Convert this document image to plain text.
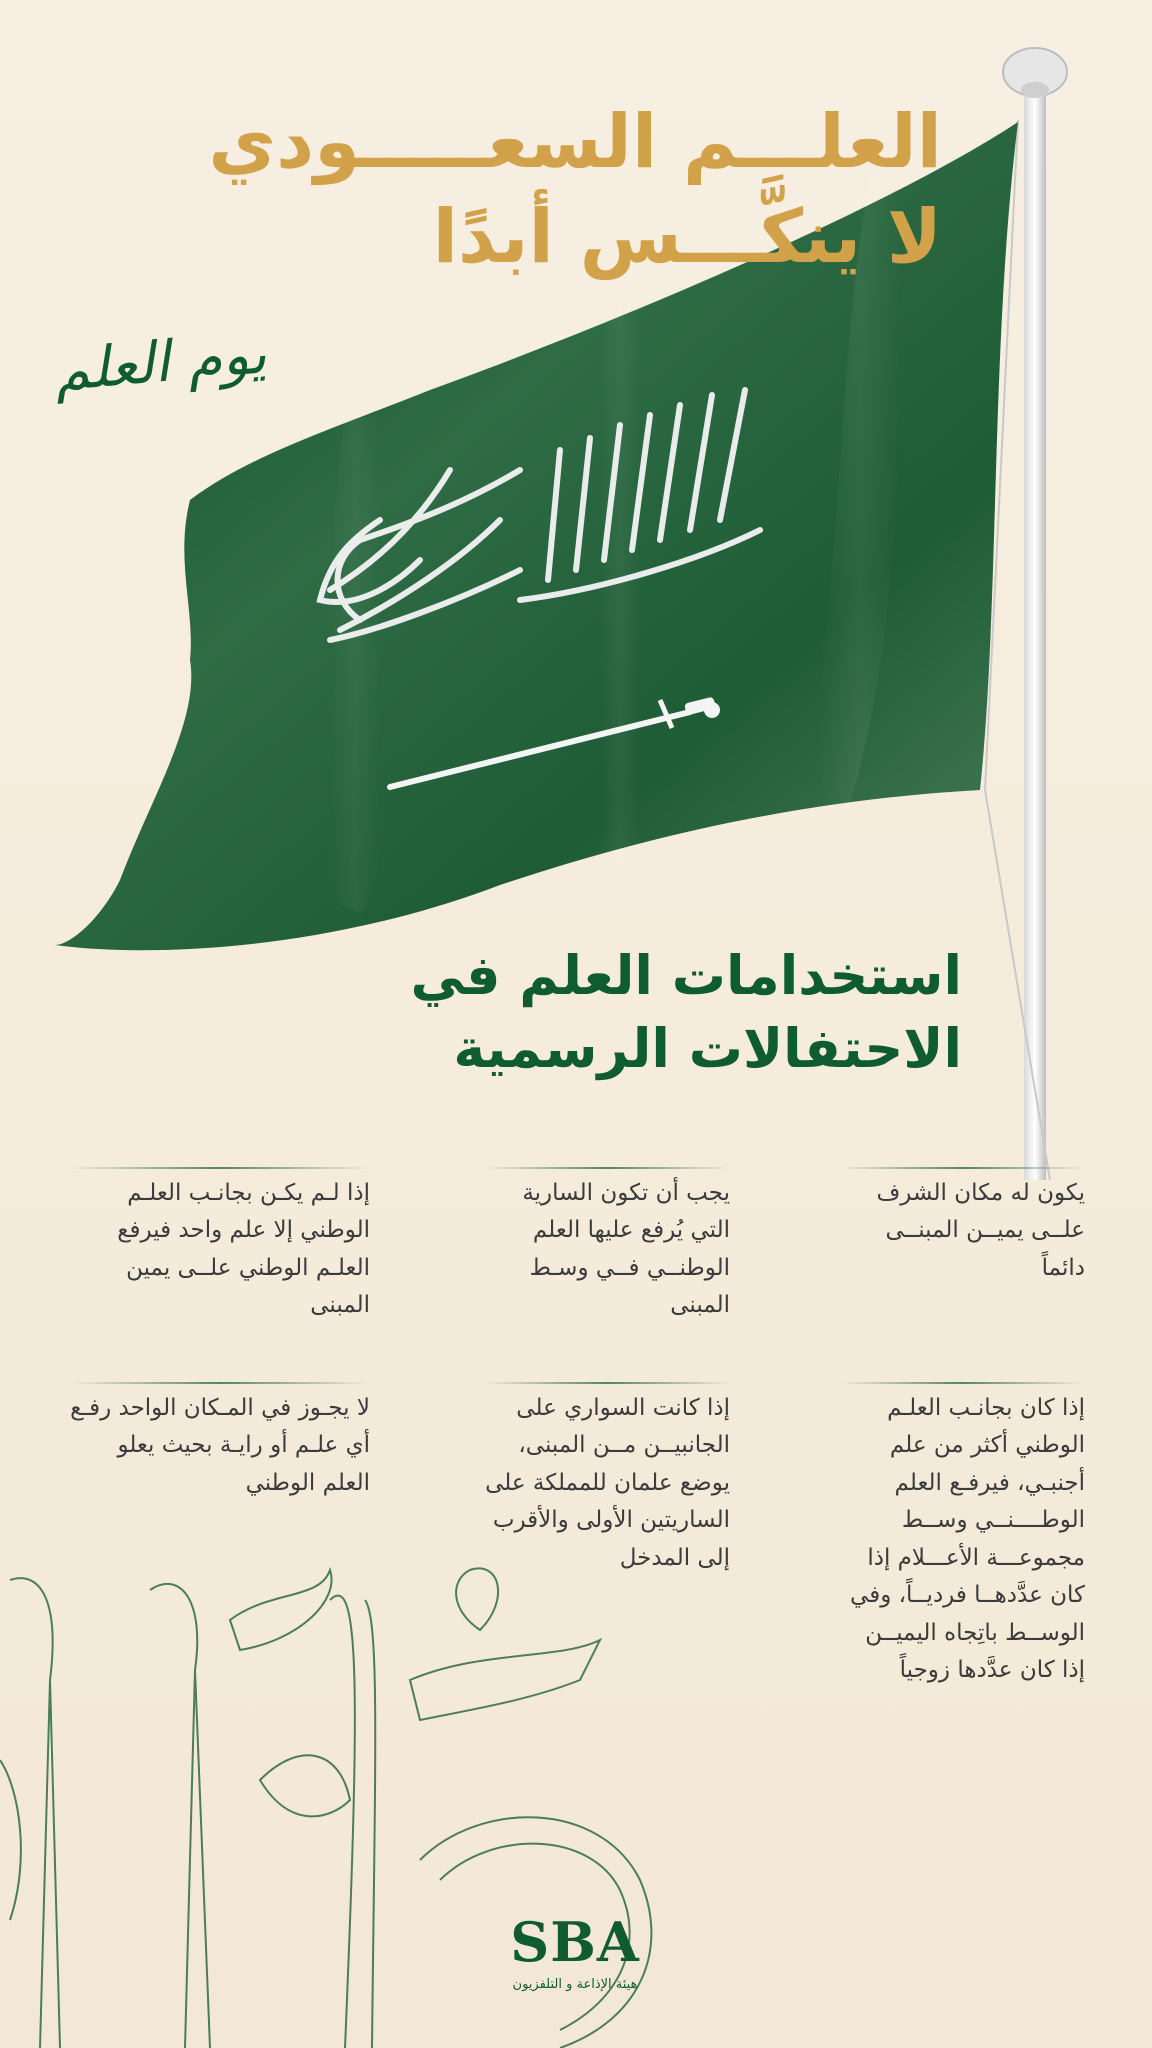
العلـــم السعـــــودي
لا ينكَّـــس أبدًا
يوم العلم
استخدامات العلم في
الاحتفالات الرسمية
يكون له مكان الشرف علــى يميــن المبنــى دائماً
يجب أن تكون السارية التي يُرفع عليها العلم الوطنــي فــي وسـط المبنى
إذا لـم يكـن بجانـب العلـم الوطني إلا علم واحد فيرفع العلـم الوطني علــى يمين المبنى
إذا كان بجانـب العلـم الوطني أكثر من علم أجنبـي، فيرفـع العلم الوطــــنــي وســط مجموعـــة الأعـــلام إذا كان عدَّدهــا فرديــاً، وفي الوســط باتِجاه اليميــن إذا كان عدَّدها زوجياً
إذا كانت السواري على الجانبيــن مــن المبنى، يوضع علمان للمملكة على الساريتين الأولى والأقرب إلى المدخل
لا يجـوز في المـكان الواحد رفـع أي علـم أو رايـة بحيث يعلو العلم الوطني
SBA
هيئة الإذاعة و التلفزيون
